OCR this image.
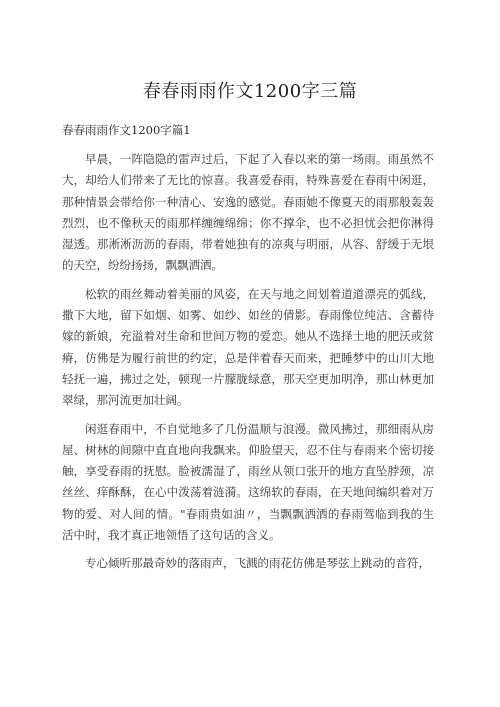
春春雨雨作文1200字三篇
春春雨雨作文1200字篇1

早晨，一阵隐隐的雷声过后，下起了入春以来的第一场雨。雨虽然不大，却给人们带来了无比的惊喜。我喜爱春雨，特殊喜爱在春雨中闲逛，那种情景会带给你一种清心、安逸的感觉。春雨她不像夏天的雨那般轰轰烈烈，也不像秋天的雨那样缠缠绵绵；你不撑伞，也不必担忧会把你淋得湿透。那淅淅沥沥的春雨，带着她独有的凉爽与明丽，从容、舒缓于无垠的天空，纷纷扬扬，飘飘洒洒。

松软的雨丝舞动着美丽的风姿，在天与地之间划着道道漂亮的弧线，撒下大地，留下如烟、如雾、如纱、如丝的倩影。春雨像位纯洁、含蓄待嫁的新娘，充溢着对生命和世间万物的爱恋。她从不选择土地的肥沃或贫瘠，仿佛是为履行前世的约定，总是伴着春天而来，把睡梦中的山川大地轻抚一遍，拂过之处，顿现一片朦胧绿意，那天空更加明净，那山林更加翠绿，那河流更加壮阔。

闲逛春雨中，不自觉地多了几份温顺与浪漫。微风拂过，那细雨从房屋、树林的间隙中直直地向我飘来。仰脸望天，忍不住与春雨来个密切接触，享受春雨的抚慰。脸被濡湿了，雨丝从领口张开的地方直坠脖颈，凉丝丝、痒酥酥，在心中泼荡着涟漪。这绵软的春雨，在天地间编织着对万物的爱、对人间的情。"春雨贵如油〃，当飘飘洒洒的春雨驾临到我的生活中时，我才真正地领悟了这句话的含义。

专心倾听那最奇妙的落雨声，飞溅的雨花仿佛是琴弦上跳动的音符，
